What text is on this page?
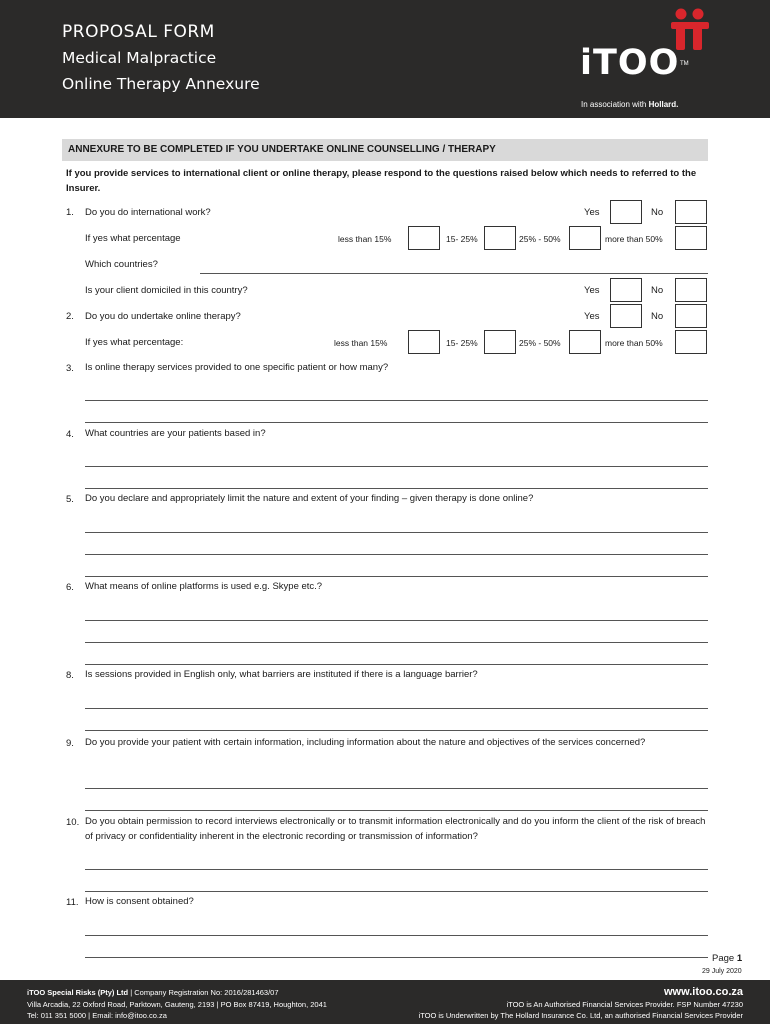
PROPOSAL FORM
Medical Malpractice
Online Therapy Annexure
iTOO TM
In association with Hollard.
ANNEXURE TO BE COMPLETED IF YOU UNDERTAKE ONLINE COUNSELLING / THERAPY
If you provide services to international client or online therapy, please respond to the questions raised below which needs to referred to the Insurer.
1. Do you do international work?	Yes	No
If yes what percentage	less than 15%	15- 25%	25% - 50%	more than 50%
Which countries?
Is your client domiciled in this country?	Yes	No
2. Do you do undertake online therapy?	Yes	No
If yes what percentage:	less than 15%	15- 25%	25% - 50%	more than 50%
3. Is online therapy services provided to one specific patient or how many?
4. What countries are your patients based in?
5. Do you declare and appropriately limit the nature and extent of your finding – given therapy is done online?
6. What means of online platforms is used e.g. Skype etc.?
8. Is sessions provided in English only, what barriers are instituted if there is a language barrier?
9. Do you provide your patient with certain information, including information about the nature and objectives of the services concerned?
10. Do you obtain permission to record interviews electronically or to transmit information electronically and do you inform the client of the risk of breach of privacy or confidentiality inherent in the electronic recording or transmission of information?
11. How is consent obtained?
Page 1
29 July 2020
iTOO Special Risks (Pty) Ltd | Company Registration No: 2016/281463/07
Villa Arcadia, 22 Oxford Road, Parktown, Gauteng, 2193 | PO Box 87419, Houghton, 2041
Tel: 011 351 5000 | Email: info@itoo.co.za
www.itoo.co.za
iTOO is An Authorised Financial Services Provider. FSP Number 47230
iTOO is Underwritten by The Hollard Insurance Co. Ltd, an authorised Financial Services Provider
